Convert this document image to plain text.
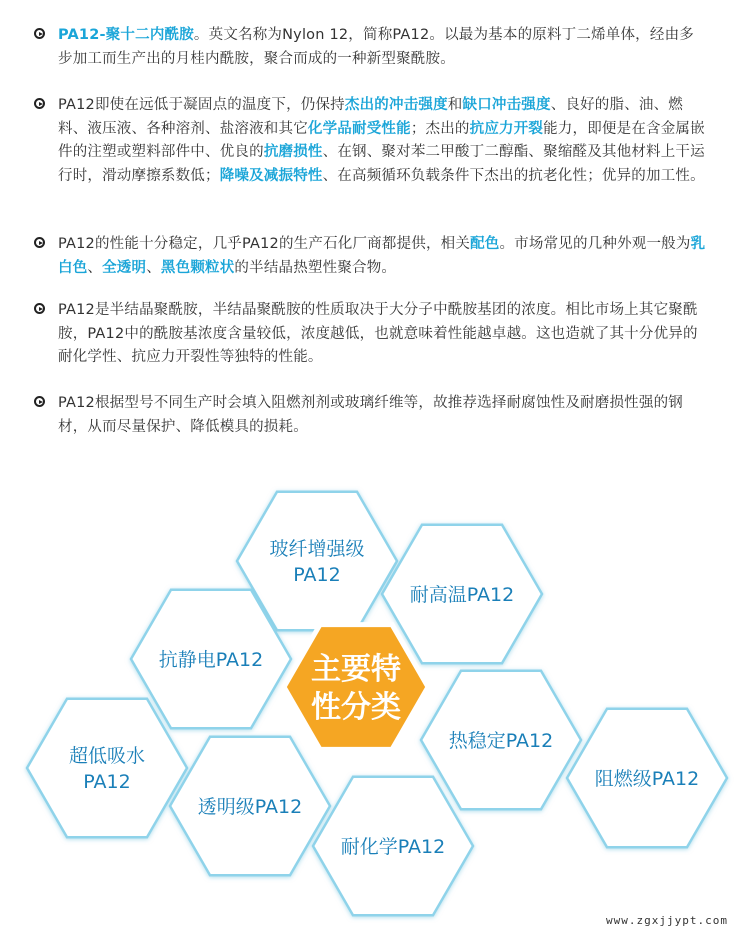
PA12-聚十二内酰胺。英文名称为Nylon 12，简称PA12。以最为基本的原料丁二烯单体，经由多步加工而生产出的月桂内酰胺，聚合而成的一种新型聚酰胺。
PA12即使在远低于凝固点的温度下，仍保持杰出的冲击强度和缺口冲击强度、良好的脂、油、燃料、液压液、各种溶剂、盐溶液和其它化学品耐受性能；杰出的抗应力开裂能力，即便是在含金属嵌件的注塑或塑料部件中、优良的抗磨损性、在钢、聚对苯二甲酸丁二醇酯、聚缩醛及其他材料上干运行时，滑动摩擦系数低；降噪及减振特性、在高频循环负载条件下杰出的抗老化性；优异的加工性。
PA12的性能十分稳定，几乎PA12的生产石化厂商都提供，相关配色。市场常见的几种外观一般为乳白色、全透明、黑色颗粒状的半结晶热塑性聚合物。
PA12是半结晶聚酰胺，半结晶聚酰胺的性质取决于大分子中酰胺基团的浓度。相比市场上其它聚酰胺，PA12中的酰胺基浓度含量较低，浓度越低，也就意味着性能越卓越。这也造就了其十分优异的耐化学性、抗应力开裂性等独特的性能。
PA12根据型号不同生产时会填入阻燃剂剂或玻璃纤维等，故推荐选择耐腐蚀性及耐磨损性强的钢材，从而尽量保护、降低模具的损耗。
玻纤增强级
PA12
耐高温PA12
抗静电PA12
热稳定PA12
超低吸水
PA12
透明级PA12
阻燃级PA12
耐化学PA12
主要特
性分类
www.zgxjjypt.com
